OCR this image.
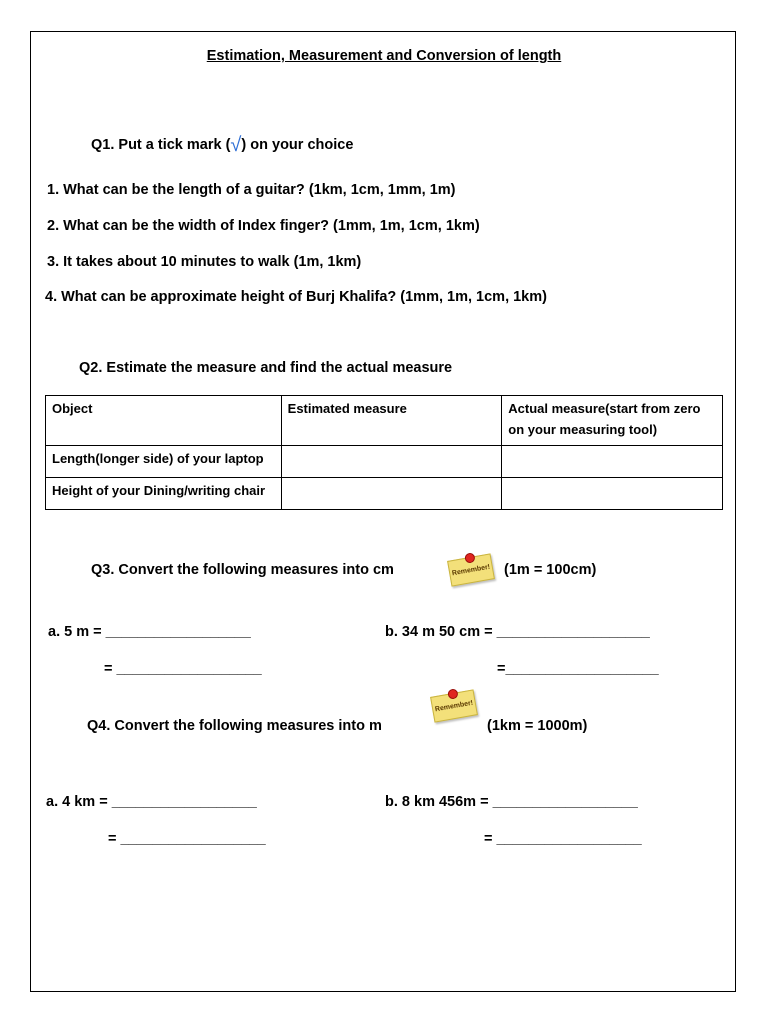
Estimation, Measurement and Conversion of length
Q1. Put a tick mark (√) on your choice
1. What can be the length of a guitar? (1km, 1cm, 1mm, 1m)
2. What can be the width of Index finger? (1mm, 1m, 1cm, 1km)
3. It takes about 10 minutes to walk (1m, 1km)
4. What can be approximate height of Burj Khalifa? (1mm, 1m, 1cm, 1km)
Q2. Estimate the measure and find the actual measure
Object	Estimated measure	Actual measure(start from zero on your measuring tool)
Length(longer side) of your laptop		
Height of your Dining/writing chair		
Q3. Convert the following measures into cm	Remember! (1m = 100cm)
a. 5 m = __________________
= __________________
b. 34 m 50 cm = ___________________
=___________________
Remember!
Q4. Convert the following measures into m	(1km = 1000m)
a. 4 km = __________________
= __________________
b. 8 km 456m = __________________
= __________________
